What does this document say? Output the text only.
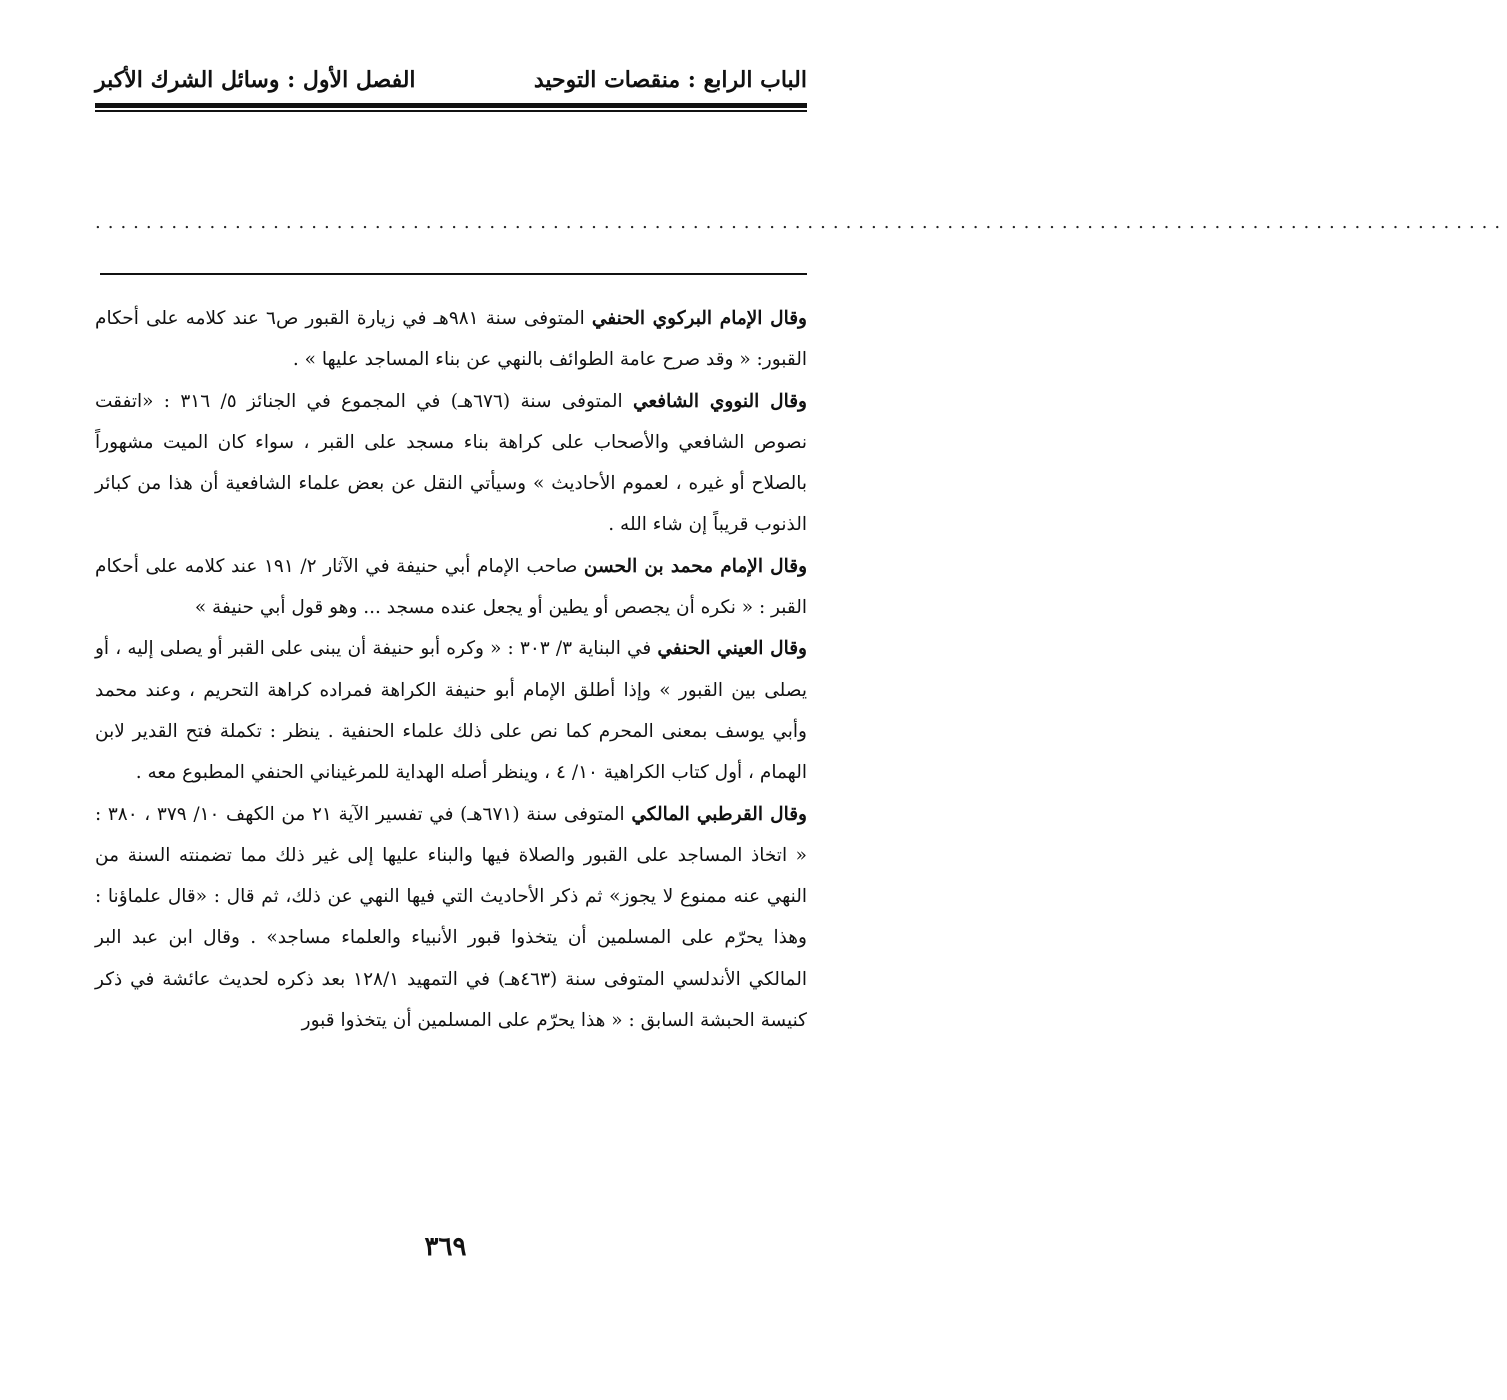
الباب الرابع : منقصات التوحيد
الفصل الأول : وسائل الشرك الأكبر
...............................................................................................................

وقال الإمام البركوي الحنفي المتوفى سنة ٩٨١هـ في زيارة القبور ص٦ عند كلامه على أحكام القبور: « وقد صرح عامة الطوائف بالنهي عن بناء المساجد عليها » .

وقال النووي الشافعي المتوفى سنة (٦٧٦هـ) في المجموع في الجنائز ٥/ ٣١٦ : «اتفقت نصوص الشافعي والأصحاب على كراهة بناء مسجد على القبر ، سواء كان الميت مشهوراً بالصلاح أو غيره ، لعموم الأحاديث » وسيأتي النقل عن بعض علماء الشافعية أن هذا من كبائر الذنوب قريباً إن شاء الله .

وقال الإمام محمد بن الحسن صاحب الإمام أبي حنيفة في الآثار ٢/ ١٩١ عند كلامه على أحكام القبر : « نكره أن يجصص أو يطين أو يجعل عنده مسجد ... وهو قول أبي حنيفة »

وقال العيني الحنفي في البناية ٣/ ٣٠٣ : « وكره أبو حنيفة أن يبنى على القبر أو يصلى إليه ، أو يصلى بين القبور » وإذا أطلق الإمام أبو حنيفة الكراهة فمراده كراهة التحريم ، وعند محمد وأبي يوسف بمعنى المحرم كما نص على ذلك علماء الحنفية . ينظر : تكملة فتح القدير لابن الهمام ، أول كتاب الكراهية ١٠/ ٤ ، وينظر أصله الهداية للمرغيناني الحنفي المطبوع معه .

وقال القرطبي المالكي المتوفى سنة (٦٧١هـ) في تفسير الآية ٢١ من الكهف ١٠/ ٣٧٩ ، ٣٨٠ : « اتخاذ المساجد على القبور والصلاة فيها والبناء عليها إلى غير ذلك مما تضمنته السنة من النهي عنه ممنوع لا يجوز» ثم ذكر الأحاديث التي فيها النهي عن ذلك، ثم قال : «قال علماؤنا : وهذا يحرّم على المسلمين أن يتخذوا قبور الأنبياء والعلماء مساجد» . وقال ابن عبد البر المالكي الأندلسي المتوفى سنة (٤٦٣هـ) في التمهيد ١٢٨/١ بعد ذكره لحديث عائشة في ذكر كنيسة الحبشة السابق : « هذا يحرّم على المسلمين أن يتخذوا قبور

٣٦٩
